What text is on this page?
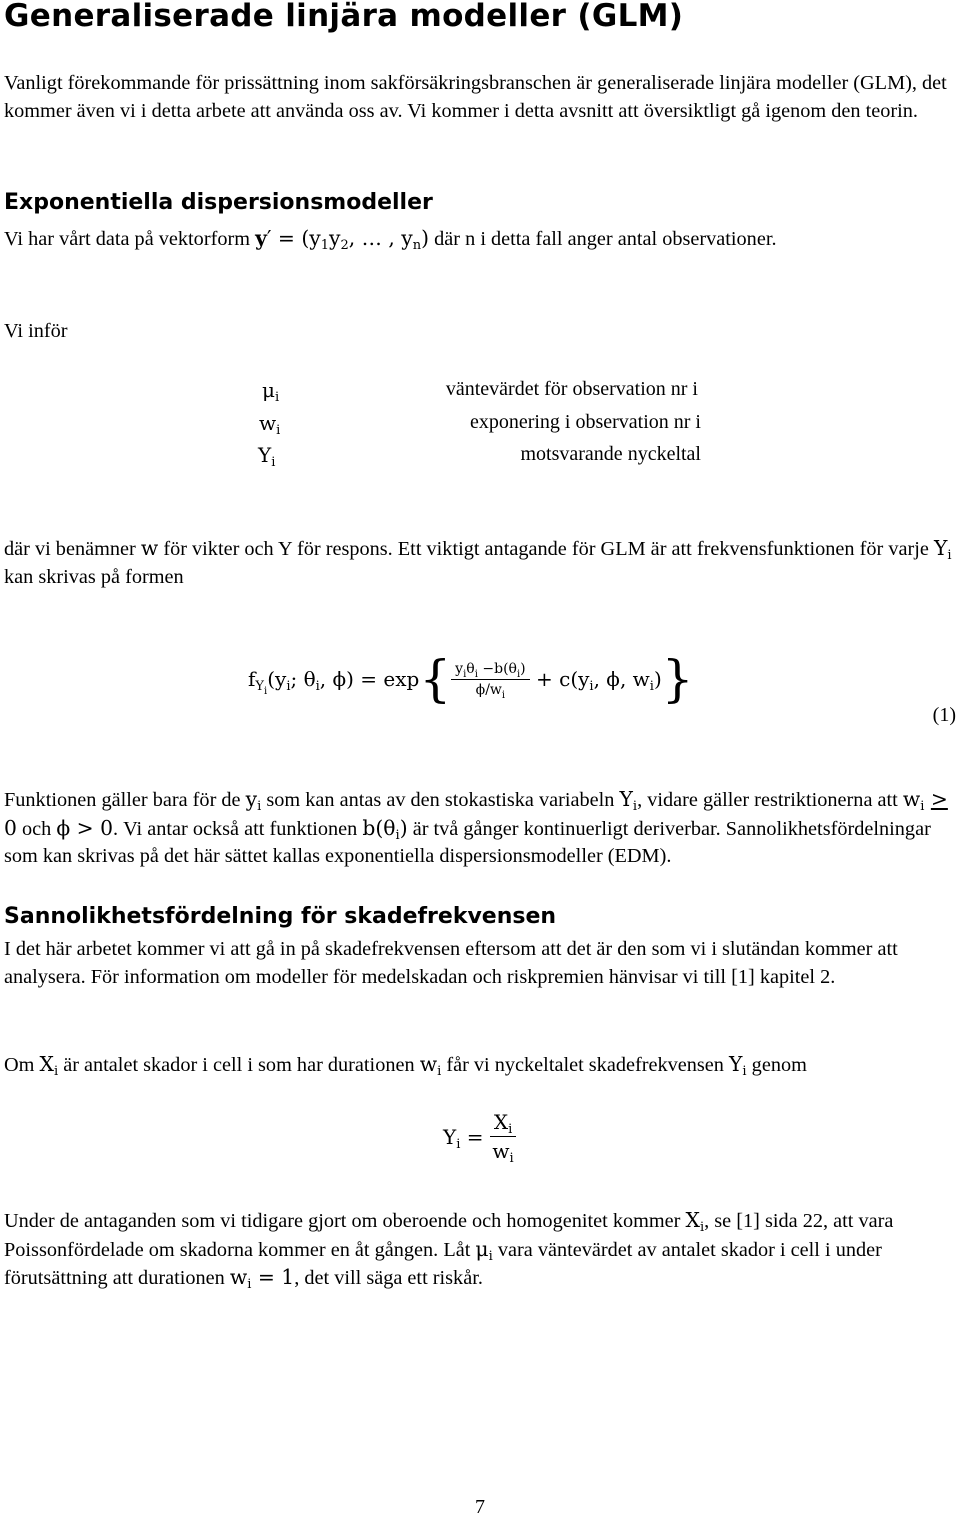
Generaliserade linjära modeller (GLM)

Vanligt förekommande för prissättning inom sakförsäkringsbranschen är generaliserade linjära modeller (GLM), det kommer även vi i detta arbete att använda oss av. Vi kommer i detta avsnitt att översiktligt gå igenom den teorin.

Exponentiella dispersionsmodeller

Vi har vårt data på vektorform $y' = (y_1y_2$, … , $y_n$) där n i detta fall anger antal observationer.

Vi inför

$\mu_i$	väntevärdet för observation nr i
$w_i$	exponering i observation nr i
$Y_i$	motsvarande nyckeltal

där vi benämner w för vikter och Y för respons. Ett viktigt antagande för GLM är att frekvensfunktionen för varje $Y_i$ kan skrivas på formen

$f_{Y_i}(y_i$; $\theta_i$, $\phi) = \exp\{ \frac{y_i\theta_i -b(\theta_i)}{\phi/w_i} + c(y_i$, ϕ, $w_i$)}
(1)

Funktionen gäller bara för de $y_i$ som kan antas av den stokastiska variabeln $Y_i$, vidare gäller restriktionerna att $w_i > 0$ och ϕ > 0. Vi antar också att funktionen $b(\theta_i)$ är två gånger kontinuerligt deriverbar. Sannolikhetsfördelningar som kan skrivas på det här sättet kallas exponentiella dispersionsmodeller (EDM).

Sannolikhetsfördelning för skadefrekvensen

I det här arbetet kommer vi att gå in på skadefrekvensen eftersom att det är den som vi i slutändan kommer att analysera. För information om modeller för medelskadan och riskpremien hänvisar vi till [1] kapitel 2.

Om $X_i$ är antalet skador i cell i som har durationen $w_i$ får vi nyckeltalet skadefrekvensen $Y_i$ genom

$Y_i = \frac{X_i}{w_i}$

Under de antaganden som vi tidigare gjort om oberoende och homogenitet kommer $X_i$, se [1] sida 22, att vara Poissonfördelade om skadorna kommer en åt gången. Låt $\mu_i$ vara väntevärdet av antalet skador i cell i under förutsättning att durationen $w_i = 1$, det vill säga ett riskår.

7
